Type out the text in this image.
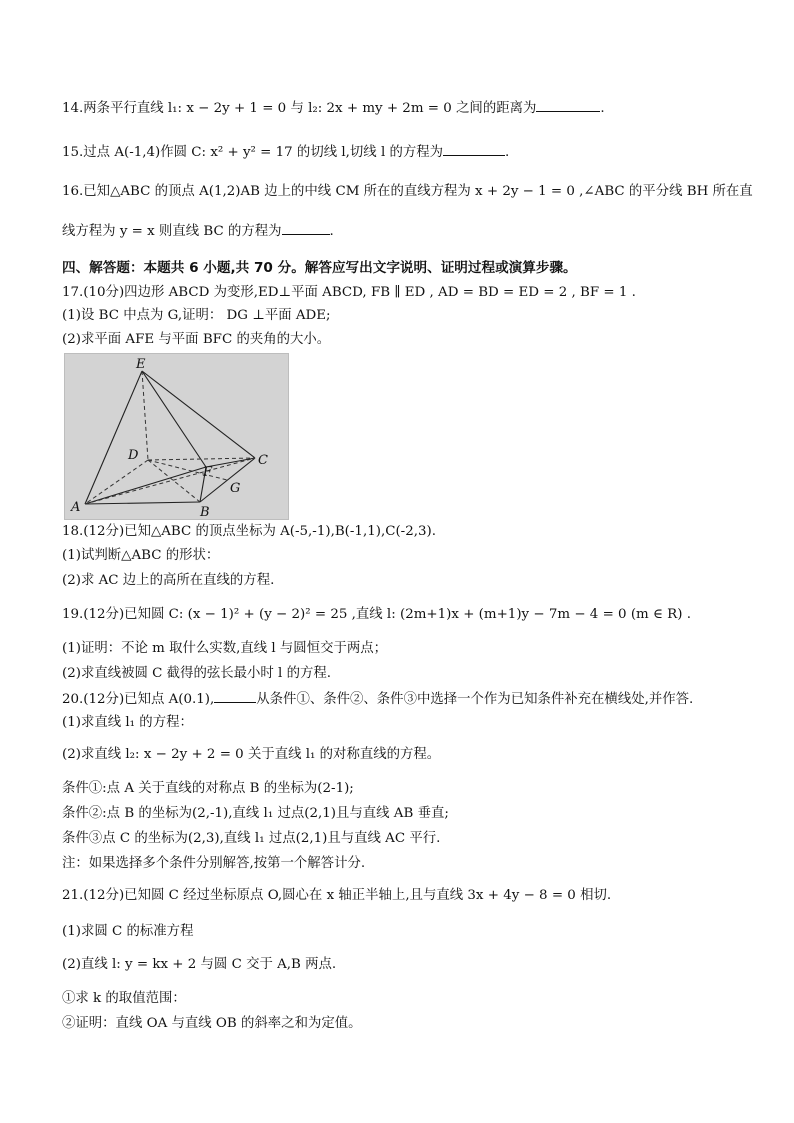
14.两条平行直线 l₁: x − 2y + 1 = 0 与 l₂: 2x + my + 2m = 0 之间的距离为	.
15.过点 A(-1,4)作圆 C: x² + y² = 17 的切线 l,切线 l 的方程为	.
16.已知△ABC 的顶点 A(1,2)AB 边上的中线 CM 所在的直线方程为 x + 2y − 1 = 0 ,∠ABC 的平分线 BH 所在直
线方程为 y = x 则直线 BC 的方程为	.
四、解答题：本题共 6 小题,共 70 分。解答应写出文字说明、证明过程或演算步骤。
17.(10分)四边形 ABCD 为变形,ED⊥平面 ABCD, FB ∥ ED , AD = BD = ED = 2 , BF = 1 .
(1)设 BC 中点为 G,证明： DG ⊥平面 ADE;
(2)求平面 AFE 与平面 BFC 的夹角的大小。
E
D
F
C
G
A	B
18.(12分)已知△ABC 的顶点坐标为 A(-5,-1),B(-1,1),C(-2,3).
(1)试判断△ABC 的形状：
(2)求 AC 边上的高所在直线的方程.
19.(12分)已知圆 C: (x − 1)² + (y − 2)² = 25 ,直线 l: (2m+1)x + (m+1)y − 7m − 4 = 0 (m ∈ R) .
(1)证明：不论 m 取什么实数,直线 l 与圆恒交于两点；
(2)求直线被圆 C 截得的弦长最小时 l 的方程.
20.(12分)已知点 A(0.1),	从条件①、条件②、条件③中选择一个作为已知条件补充在横线处,并作答.
(1)求直线 l₁ 的方程：
(2)求直线 l₂: x − 2y + 2 = 0 关于直线 l₁ 的对称直线的方程。
条件①:点 A 关于直线的对称点 B 的坐标为(2-1);
条件②:点 B 的坐标为(2,-1),直线 l₁ 过点(2,1)且与直线 AB 垂直;
条件③点 C 的坐标为(2,3),直线 l₁ 过点(2,1)且与直线 AC 平行.
注：如果选择多个条件分别解答,按第一个解答计分.
21.(12分)已知圆 C 经过坐标原点 O,圆心在 x 轴正半轴上,且与直线 3x + 4y − 8 = 0 相切.
(1)求圆 C 的标准方程
(2)直线 l: y = kx + 2 与圆 C 交于 A,B 两点.
①求 k 的取值范围：
②证明：直线 OA 与直线 OB 的斜率之和为定值。
